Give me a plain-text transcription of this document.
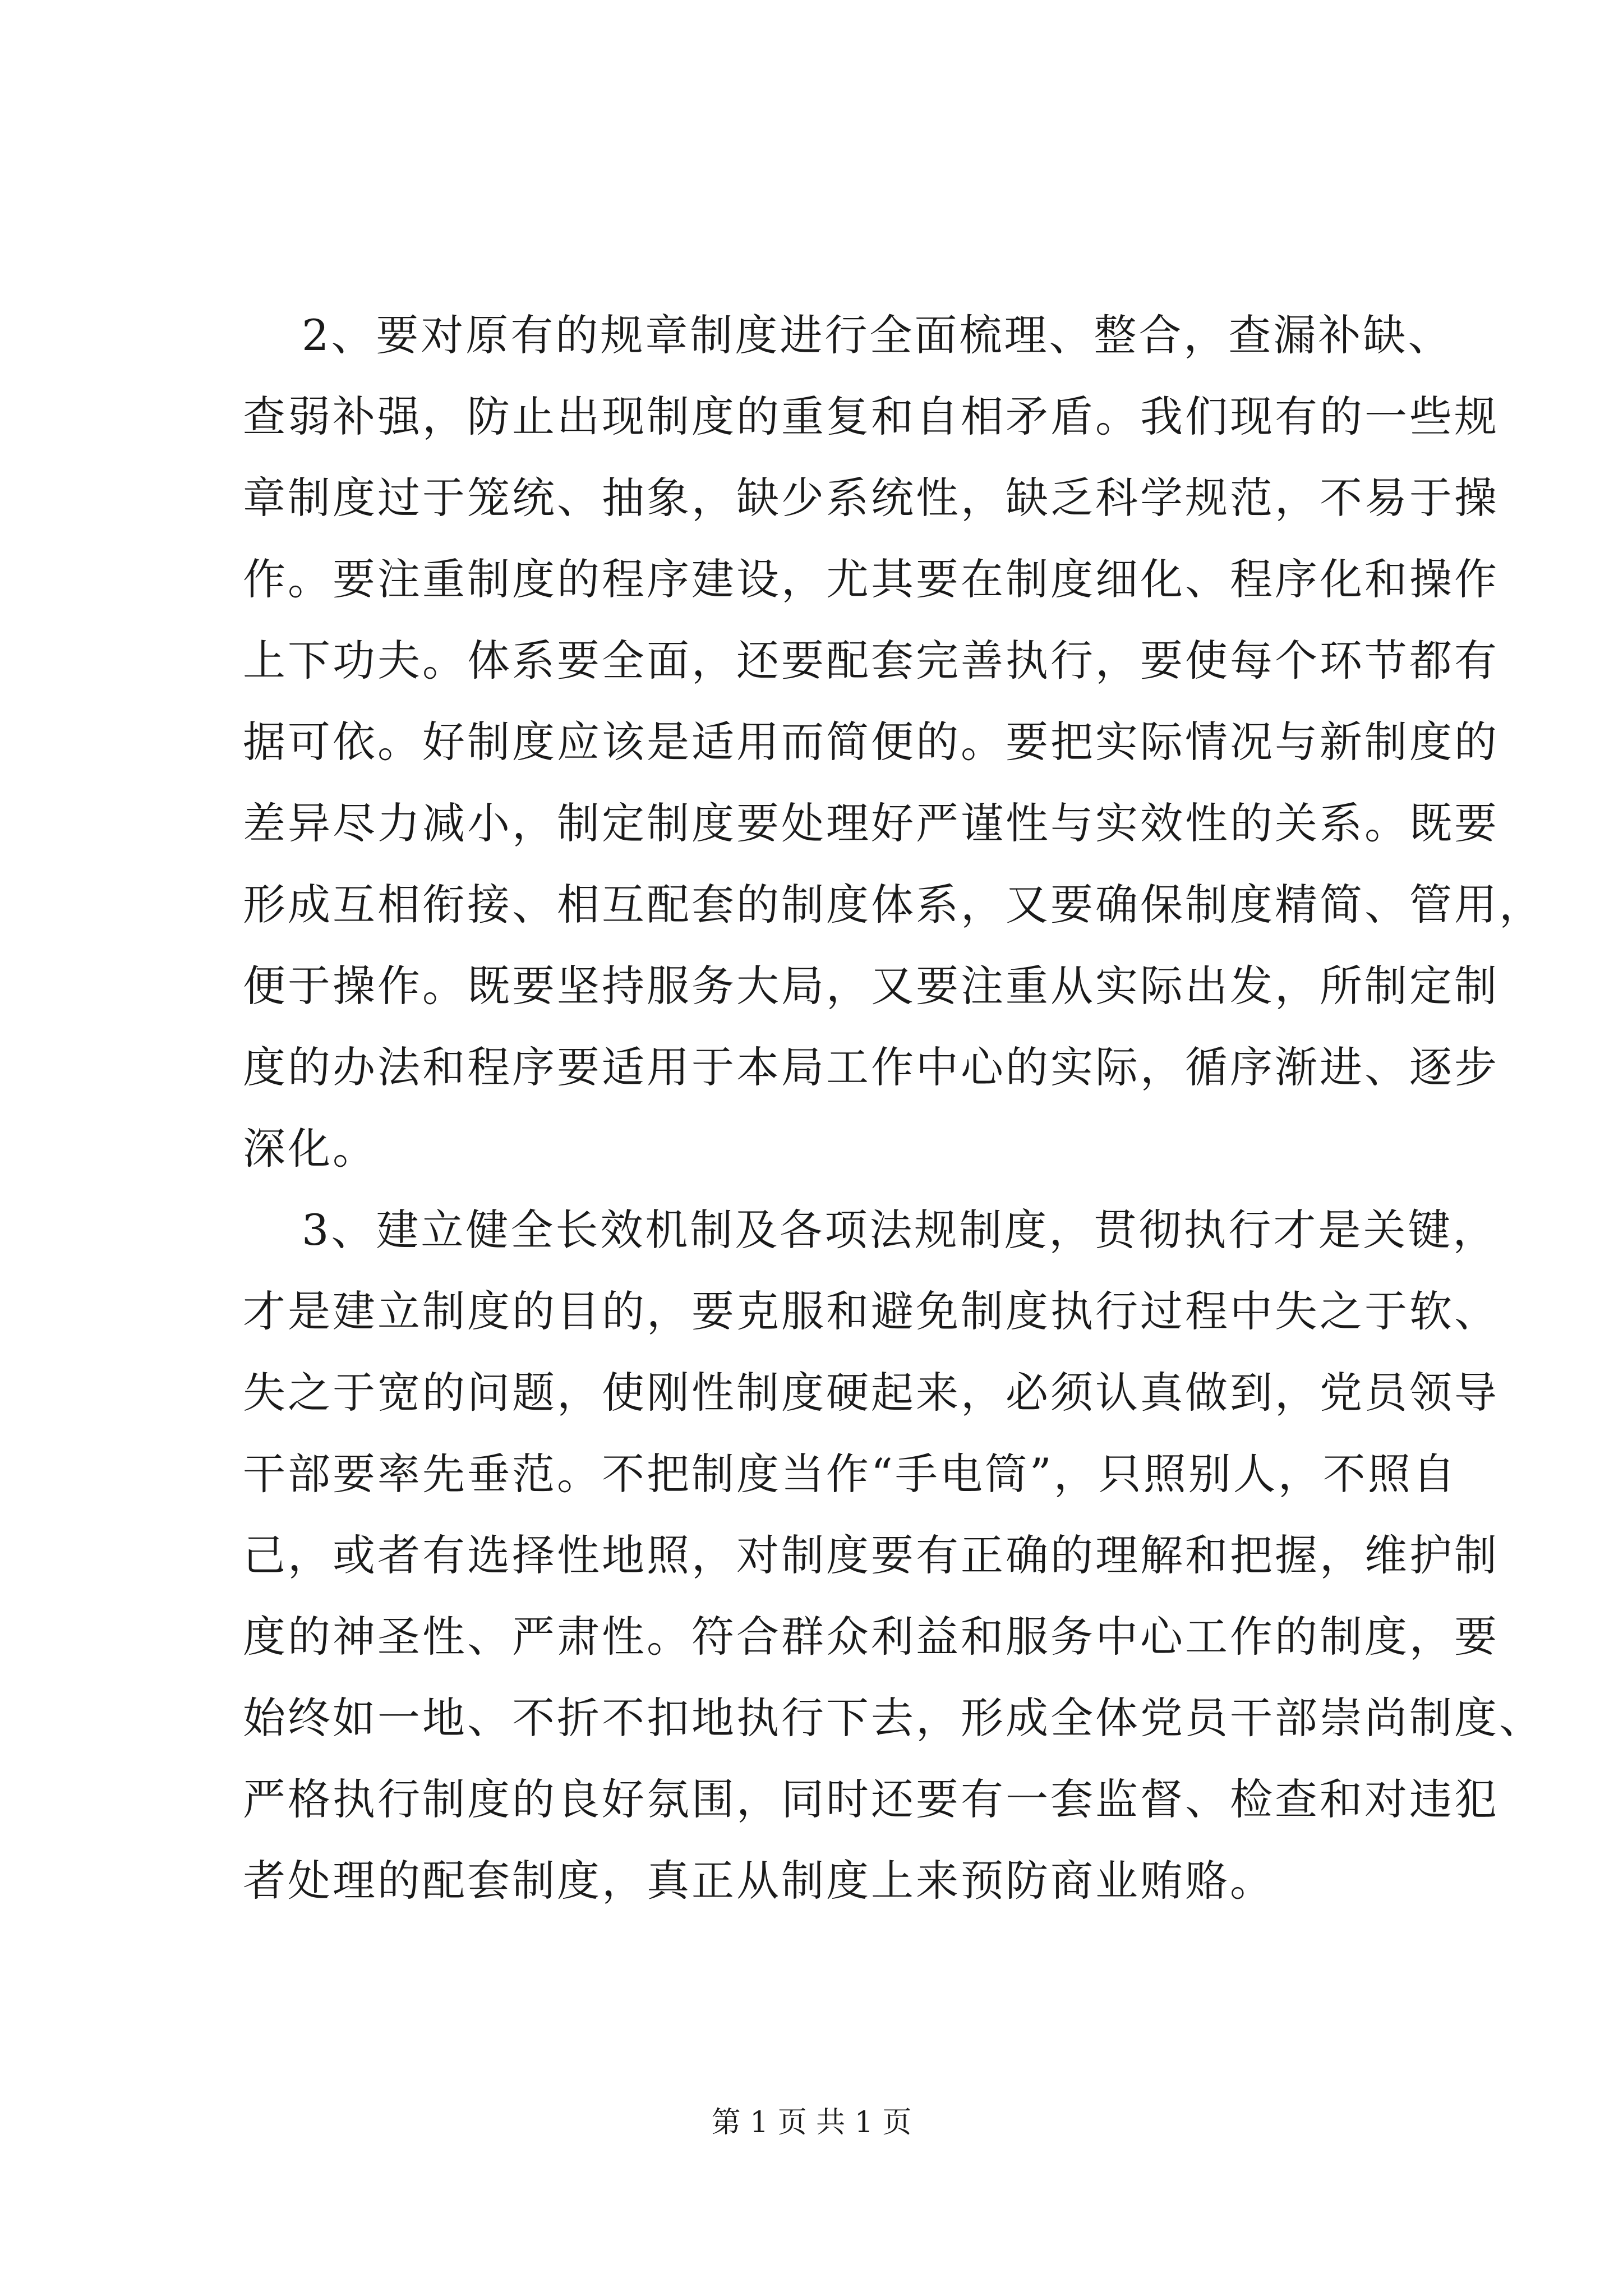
2、要对原有的规章制度进行全面梳理、整合，查漏补缺、
查弱补强，防止出现制度的重复和自相矛盾。我们现有的一些规
章制度过于笼统、抽象，缺少系统性，缺乏科学规范，不易于操
作。要注重制度的程序建设，尤其要在制度细化、程序化和操作
上下功夫。体系要全面，还要配套完善执行，要使每个环节都有
据可依。好制度应该是适用而简便的。要把实际情况与新制度的
差异尽力减小，制定制度要处理好严谨性与实效性的关系。既要
形成互相衔接、相互配套的制度体系，又要确保制度精简、管用，
便于操作。既要坚持服务大局，又要注重从实际出发，所制定制
度的办法和程序要适用于本局工作中心的实际，循序渐进、逐步
深化。
3、建立健全长效机制及各项法规制度，贯彻执行才是关键，
才是建立制度的目的，要克服和避免制度执行过程中失之于软、
失之于宽的问题，使刚性制度硬起来，必须认真做到，党员领导
干部要率先垂范。不把制度当作“手电筒”，只照别人，不照自
己，或者有选择性地照，对制度要有正确的理解和把握，维护制
度的神圣性、严肃性。符合群众利益和服务中心工作的制度，要
始终如一地、不折不扣地执行下去，形成全体党员干部崇尚制度、
严格执行制度的良好氛围，同时还要有一套监督、检查和对违犯
者处理的配套制度，真正从制度上来预防商业贿赂。
第 1 页 共 1 页
